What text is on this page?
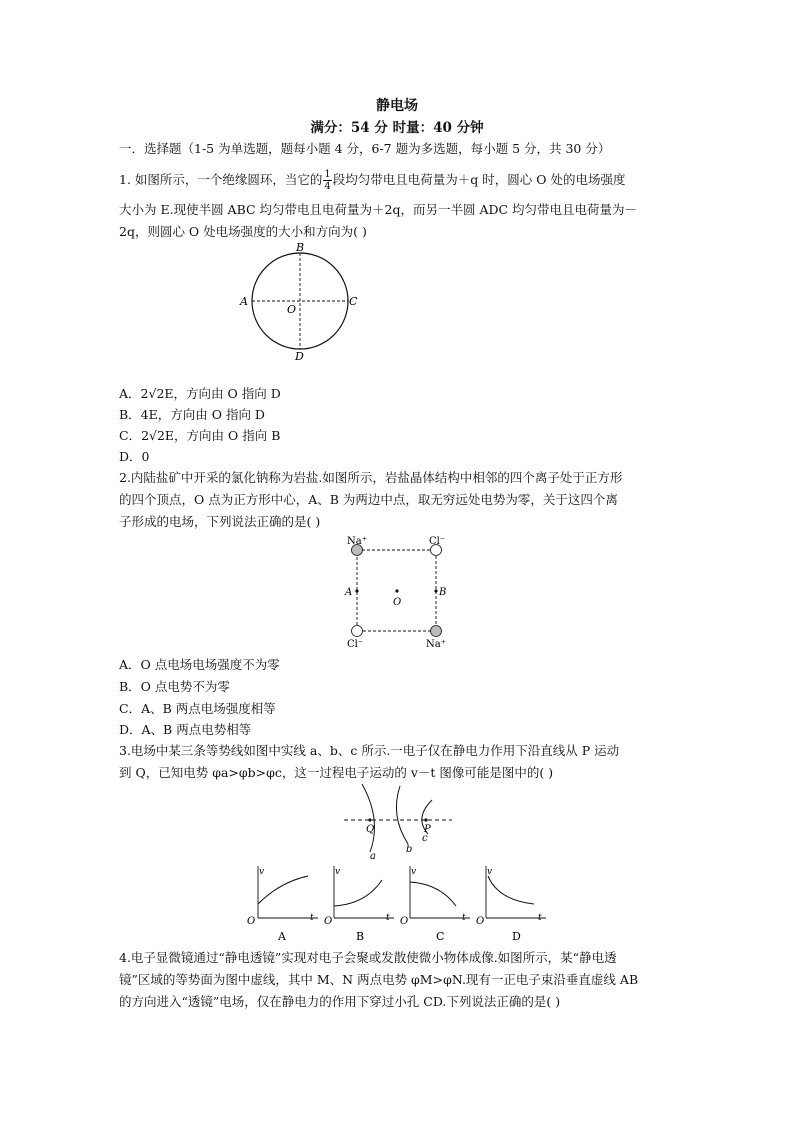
静电场
满分：54 分 时量：40 分钟
一．选择题（1-5 为单选题，题每小题 4 分，6-7 题为多选题，每小题 5 分，共 30 分）
1. 如图所示，一个绝缘圆环，当它的 $\frac{1}{4}$ 段均匀带电且电荷量为＋q 时，圆心 O 处的电场强度
大小为 E.现使半圆 ABC 均匀带电且电荷量为＋2q，而另一半圆 ADC 均匀带电且电荷量为－
2q，则圆心 O 处电场强度的大小和方向为( )
B
A	C
D
O
A．2√2E，方向由 O 指向 D
B．4E，方向由 O 指向 D
C．2√2E，方向由 O 指向 B
D．0
2.内陆盐矿中开采的氯化钠称为岩盐.如图所示，岩盐晶体结构中相邻的四个离子处于正方形
的四个顶点，O 点为正方形中心，A、B 为两边中点，取无穷远处电势为零，关于这四个离
子形成的电场，下列说法正确的是( )
Na⁺	Cl⁻
Cl⁻	Na⁺
A	B
O
A．O 点电场电场强度不为零
B．O 点电势不为零
C．A、B 两点电场强度相等
D．A、B 两点电势相等
3.电场中某三条等势线如图中实线 a、b、c 所示.一电子仅在静电力作用下沿直线从 P 运动
到 Q，已知电势 φa>φb>φc，这一过程电子运动的 v－t 图像可能是图中的( )
Q	P
a
b
c
v
t
O
A
v
t
O
B
v
t
O
C
v
t
O
D
4.电子显微镜通过“静电透镜”实现对电子会聚或发散使微小物体成像.如图所示，某“静电透
镜”区域的等势面为图中虚线，其中 M、N 两点电势 φM>φN.现有一正电子束沿垂直虚线 AB
的方向进入“透镜”电场，仅在静电力的作用下穿过小孔 CD.下列说法正确的是( )
